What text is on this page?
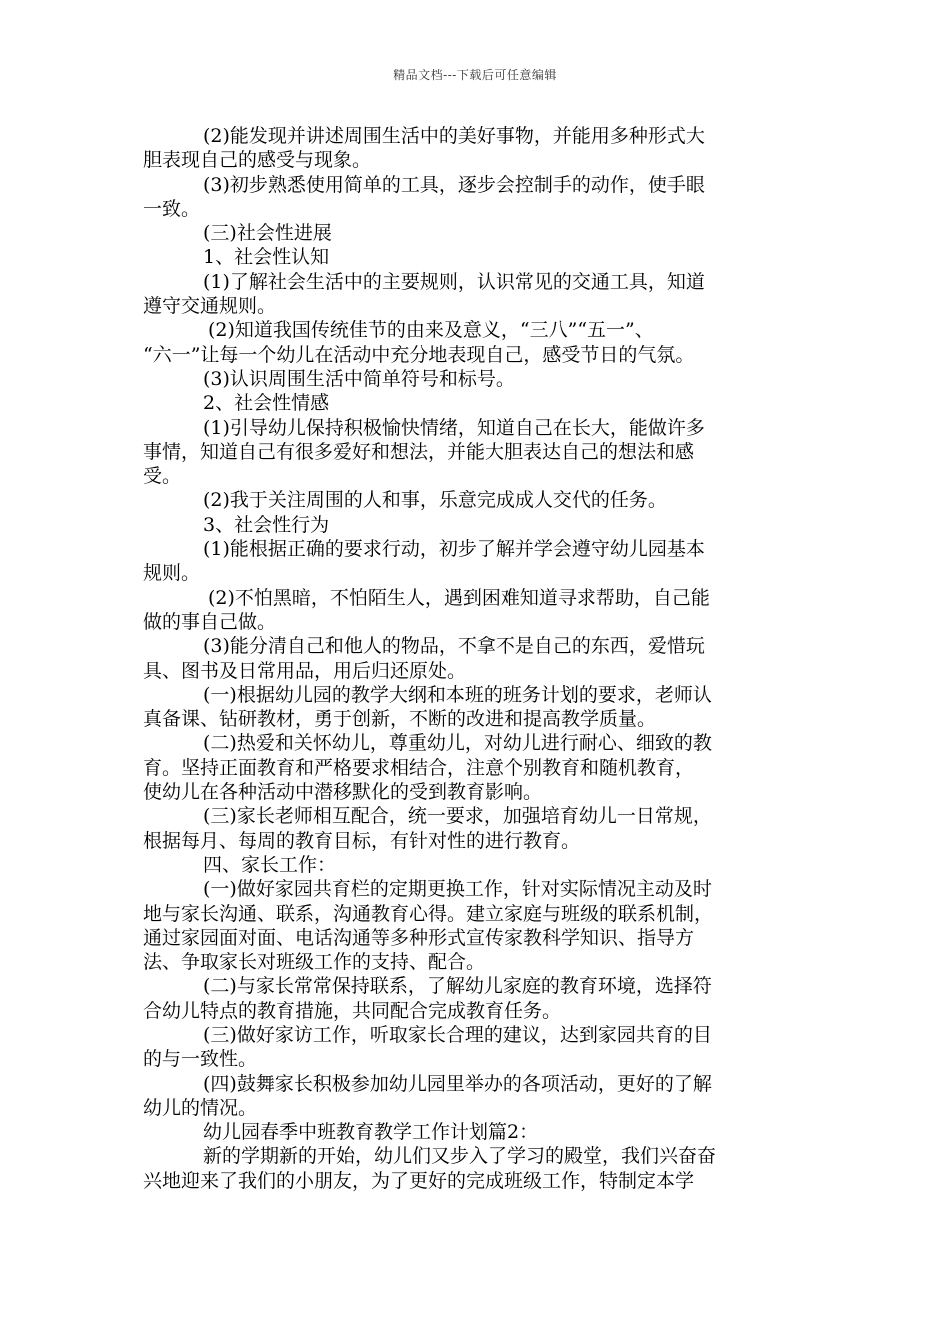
精品文档---下载后可任意编辑

(2)能发现并讲述周围生活中的美好事物，并能用多种形式大

胆表现自己的感受与现象。

(3)初步熟悉使用简单的工具，逐步会控制手的动作，使手眼

一致。

(三)社会性进展

1、社会性认知

(1)了解社会生活中的主要规则，认识常见的交通工具，知道

遵守交通规则。

(2)知道我国传统佳节的由来及意义，“三八”“五一”、

“六一”让每一个幼儿在活动中充分地表现自己，感受节日的气氛。

(3)认识周围生活中简单符号和标号。

2、社会性情感

(1)引导幼儿保持积极愉快情绪，知道自己在长大，能做许多

事情，知道自己有很多爱好和想法，并能大胆表达自己的想法和感

受。

(2)我于关注周围的人和事，乐意完成成人交代的任务。

3、社会性行为

(1)能根据正确的要求行动，初步了解并学会遵守幼儿园基本

规则。

(2)不怕黑暗，不怕陌生人，遇到困难知道寻求帮助，自己能

做的事自己做。

(3)能分清自己和他人的物品，不拿不是自己的东西，爱惜玩

具、图书及日常用品，用后归还原处。

(一)根据幼儿园的教学大纲和本班的班务计划的要求，老师认

真备课、钻研教材，勇于创新，不断的改进和提高教学质量。

(二)热爱和关怀幼儿，尊重幼儿，对幼儿进行耐心、细致的教

育。坚持正面教育和严格要求相结合，注意个别教育和随机教育，

使幼儿在各种活动中潜移默化的受到教育影响。

(三)家长老师相互配合，统一要求，加强培育幼儿一日常规，

根据每月、每周的教育目标，有针对性的进行教育。

四、家长工作：

(一)做好家园共育栏的定期更换工作，针对实际情况主动及时

地与家长沟通、联系，沟通教育心得。建立家庭与班级的联系机制，

通过家园面对面、电话沟通等多种形式宣传家教科学知识、指导方

法、争取家长对班级工作的支持、配合。

(二)与家长常常保持联系，了解幼儿家庭的教育环境，选择符

合幼儿特点的教育措施，共同配合完成教育任务。

(三)做好家访工作，听取家长合理的建议，达到家园共育的目

的与一致性。

(四)鼓舞家长积极参加幼儿园里举办的各项活动，更好的了解

幼儿的情况。

幼儿园春季中班教育教学工作计划篇2：

新的学期新的开始，幼儿们又步入了学习的殿堂，我们兴奋奋

兴地迎来了我们的小朋友，为了更好的完成班级工作，特制定本学
